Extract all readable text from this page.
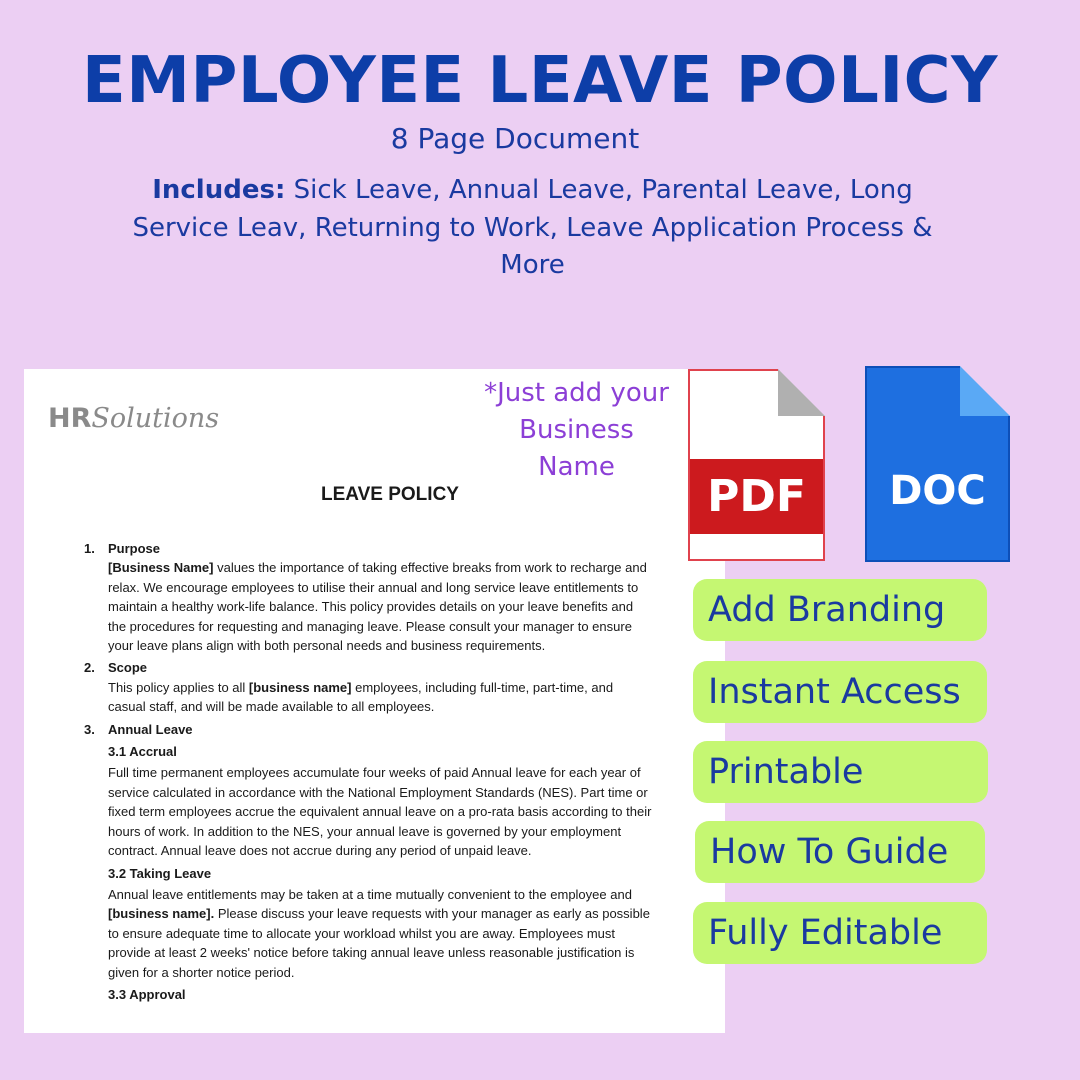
EMPLOYEE LEAVE POLICY
8 Page Document
Includes: Sick Leave, Annual Leave, Parental Leave, Long Service Leav, Returning to Work, Leave Application Process & More
HRSolutions
*Just add your
Business
Name
LEAVE POLICY
1. Purpose
[Business Name] values the importance of taking effective breaks from work to recharge and relax. We encourage employees to utilise their annual and long service leave entitlements to maintain a healthy work-life balance. This policy provides details on your leave benefits and the procedures for requesting and managing leave. Please consult your manager to ensure your leave plans align with both personal needs and business requirements.
2. Scope
This policy applies to all [business name] employees, including full-time, part-time, and casual staff, and will be made available to all employees.
3. Annual Leave
3.1 Accrual
Full time permanent employees accumulate four weeks of paid Annual leave for each year of service calculated in accordance with the National Employment Standards (NES). Part time or fixed term employees accrue the equivalent annual leave on a pro-rata basis according to their hours of work. In addition to the NES, your annual leave is governed by your employment contract. Annual leave does not accrue during any period of unpaid leave.
3.2 Taking Leave
Annual leave entitlements may be taken at a time mutually convenient to the employee and [business name]. Please discuss your leave requests with your manager as early as possible to ensure adequate time to allocate your workload whilst you are away. Employees must provide at least 2 weeks' notice before taking annual leave unless reasonable justification is given for a shorter notice period.
3.3 Approval
PDF	DOC
Add Branding
Instant Access
Printable
How To Guide
Fully Editable
